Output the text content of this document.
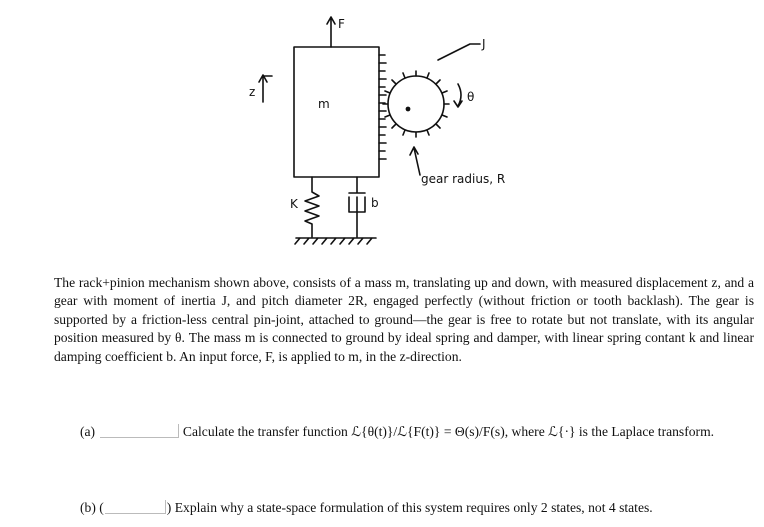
F
J
z
m	θ
K	b
gear radius, R

The rack+pinion mechanism shown above, consists of a mass m, translating up and down, with measured displacement z, and a gear with moment of inertia J, and pitch diameter 2R, engaged perfectly (without friction or tooth backlash). The gear is supported by a friction-less central pin-joint, attached to ground—the gear is free to rotate but not translate, with its angular position measured by θ. The mass m is connected to ground by ideal spring and damper, with linear spring contant k and linear damping coefficient b. An input force, F, is applied to m, in the z-direction.

(a)	Calculate the transfer function ℒ{θ(t)}/ℒ{F(t)} = Θ(s)/F(s), where ℒ{·} is the Laplace transform.
(b) (	) Explain why a state-space formulation of this system requires only 2 states, not 4 states.
